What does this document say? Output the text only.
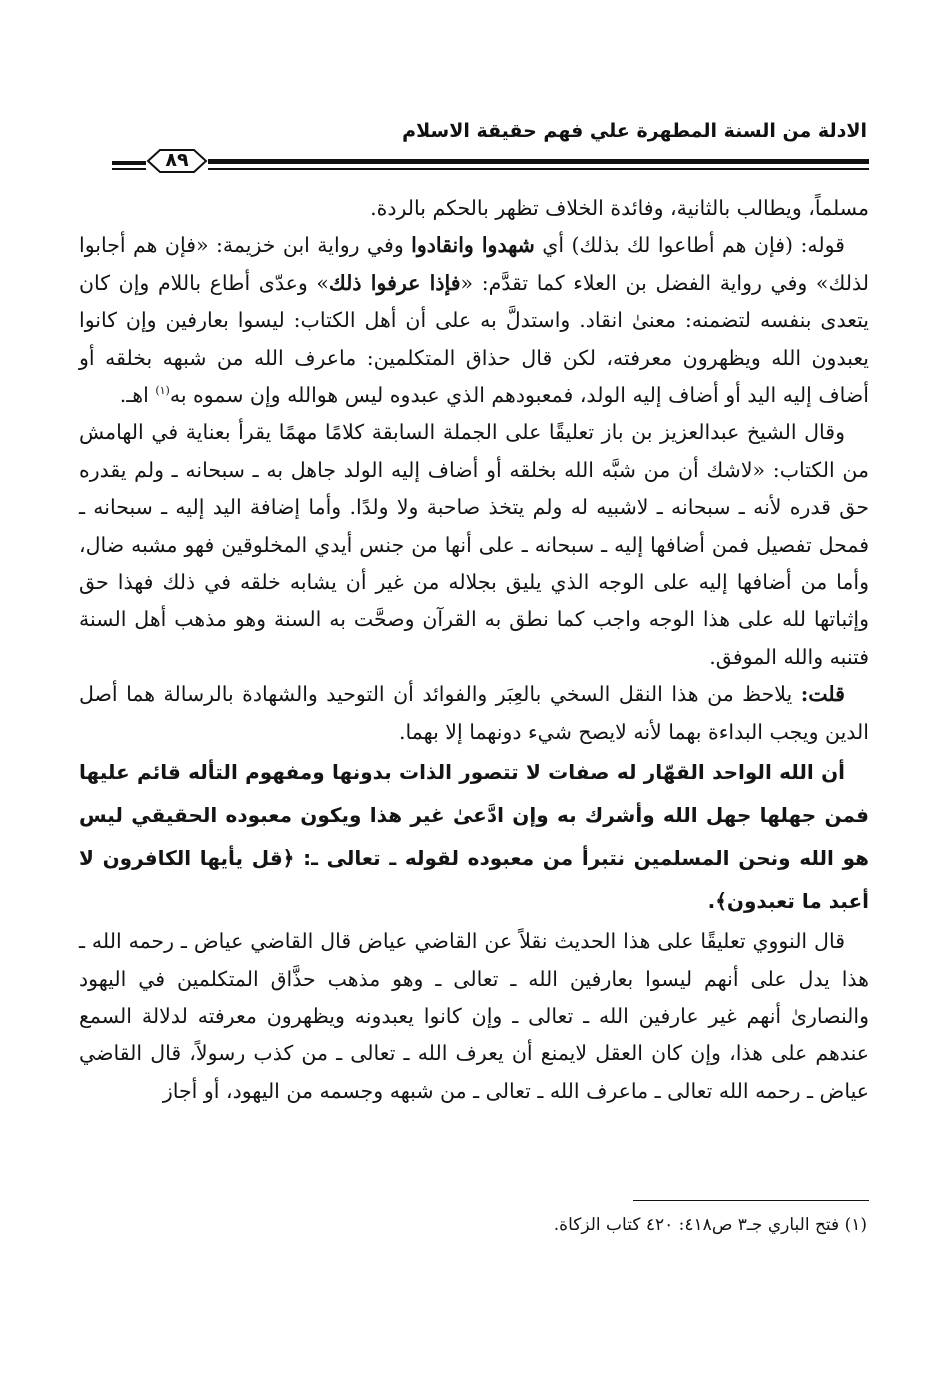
الادلة من السنة المطهرة علي فهم حقيقة الاسلام
٨٩

مسلماً، ويطالب بالثانية، وفائدة الخلاف تظهر بالحكم بالردة.

قوله: (فإن هم أطاعوا لك بذلك) أي شهدوا وانقادوا وفي رواية ابن خزيمة: «فإن هم أجابوا لذلك» وفي رواية الفضل بن العلاء كما تقدَّم: «فإذا عرفوا ذلك» وعدّى أطاع باللام وإن كان يتعدى بنفسه لتضمنه: معنىٰ انقاد. واستدلَّ به على أن أهل الكتاب: ليسوا بعارفين وإن كانوا يعبدون الله ويظهرون معرفته، لكن قال حذاق المتكلمين: ماعرف الله من شبهه بخلقه أو أضاف إليه اليد أو أضاف إليه الولد، فمعبودهم الذي عبدوه ليس هوالله وإن سموه به$^{(١)}$ اهـ.

وقال الشيخ عبدالعزيز بن باز تعليقًا على الجملة السابقة كلامًا مهمًا يقرأ بعناية في الهامش من الكتاب: «لاشك أن من شبَّه الله بخلقه أو أضاف إليه الولد جاهل به ـ سبحانه ـ ولم يقدره حق قدره لأنه ـ سبحانه ـ لاشبيه له ولم يتخذ صاحبة ولا ولدًا. وأما إضافة اليد إليه ـ سبحانه ـ فمحل تفصيل فمن أضافها إليه ـ سبحانه ـ على أنها من جنس أيدي المخلوقين فهو مشبه ضال، وأما من أضافها إليه على الوجه الذي يليق بجلاله من غير أن يشابه خلقه في ذلك فهذا حق وإثباتها لله على هذا الوجه واجب كما نطق به القرآن وصحَّت به السنة وهو مذهب أهل السنة فتنبه والله الموفق.

قلت: يلاحظ من هذا النقل السخي بالعِبَر والفوائد أن التوحيد والشهادة بالرسالة هما أصل الدين ويجب البداءة بهما لأنه لايصح شيء دونهما إلا بهما.

أن الله الواحد القهّار له صفات لا تتصور الذات بدونها ومفهوم التأله قائم عليها فمن جهلها جهل الله وأشرك به وإن ادَّعىٰ غير هذا ويكون معبوده الحقيقي ليس هو الله ونحن المسلمين نتبرأ من معبوده لقوله ـ تعالى ـ: ﴿قل يأيها الكافرون لا أعبد ما تعبدون﴾.

قال النووي تعليقًا على هذا الحديث نقلاً عن القاضي عياض قال القاضي عياض ـ رحمه الله ـ هذا يدل على أنهم ليسوا بعارفين الله ـ تعالى ـ وهو مذهب حذَّاق المتكلمين في اليهود والنصارىٰ أنهم غير عارفين الله ـ تعالى ـ وإن كانوا يعبدونه ويظهرون معرفته لدلالة السمع عندهم على هذا، وإن كان العقل لايمنع أن يعرف الله ـ تعالى ـ من كذب رسولاً، قال القاضي عياض ـ رحمه الله تعالى ـ ماعرف الله ـ تعالى ـ من شبهه وجسمه من اليهود، أو أجاز

(١) فتح الباري جـ٣ ص٤١٨: ٤٢٠ كتاب الزكاة.
